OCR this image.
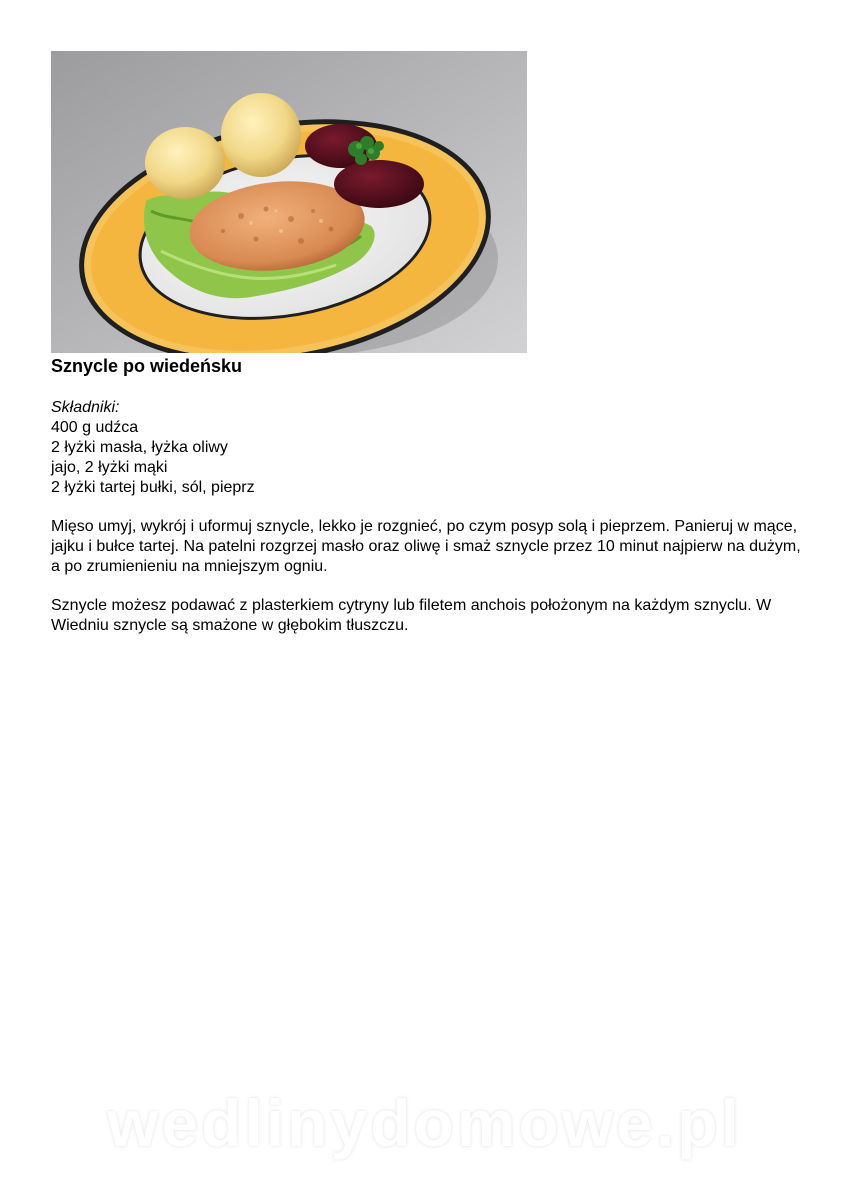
Sznycle po wiedeńsku
Składniki:
400 g udźca
2 łyżki masła, łyżka oliwy
jajo, 2 łyżki mąki
2 łyżki tartej bułki, sól, pieprz

Mięso umyj, wykrój i uformuj sznycle, lekko je rozgnieć, po czym posyp solą i pieprzem. Panieruj w mące, jajku i bułce tartej. Na patelni rozgrzej masło oraz oliwę i smaż sznycle przez 10 minut najpierw na dużym, a po zrumienieniu na mniejszym ogniu.

Sznycle możesz podawać z plasterkiem cytryny lub filetem anchois położonym na każdym sznyclu. W Wiedniu sznycle są smażone w głębokim tłuszczu.

wedlinydomowe.pl
